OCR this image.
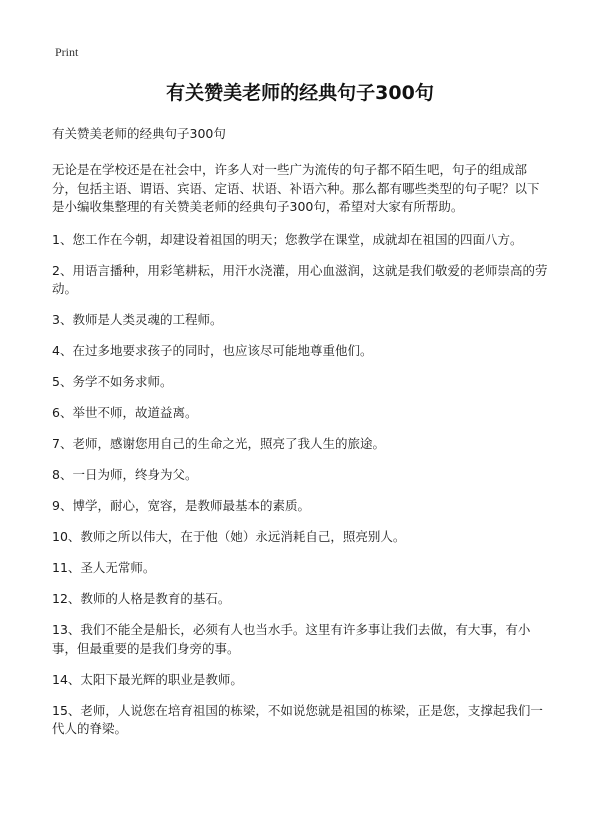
Print
有关赞美老师的经典句子300句
有关赞美老师的经典句子300句
无论是在学校还是在社会中，许多人对一些广为流传的句子都不陌生吧，句子的组成部分，包括主语、谓语、宾语、定语、状语、补语六种。那么都有哪些类型的句子呢？以下是小编收集整理的有关赞美老师的经典句子300句，希望对大家有所帮助。
1、您工作在今朝，却建设着祖国的明天；您教学在课堂，成就却在祖国的四面八方。
2、用语言播种，用彩笔耕耘，用汗水浇灌，用心血滋润，这就是我们敬爱的老师崇高的劳动。
3、教师是人类灵魂的工程师。
4、在过多地要求孩子的同时，也应该尽可能地尊重他们。
5、务学不如务求师。
6、举世不师，故道益离。
7、老师，感谢您用自己的生命之光，照亮了我人生的旅途。
8、一日为师，终身为父。
9、博学，耐心，宽容，是教师最基本的素质。
10、教师之所以伟大，在于他（她）永远消耗自己，照亮别人。
11、圣人无常师。
12、教师的人格是教育的基石。
13、我们不能全是船长，必须有人也当水手。这里有许多事让我们去做，有大事，有小事，但最重要的是我们身旁的事。
14、太阳下最光辉的职业是教师。
15、老师，人说您在培育祖国的栋梁，不如说您就是祖国的栋梁，正是您，支撑起我们一代人的脊梁。
